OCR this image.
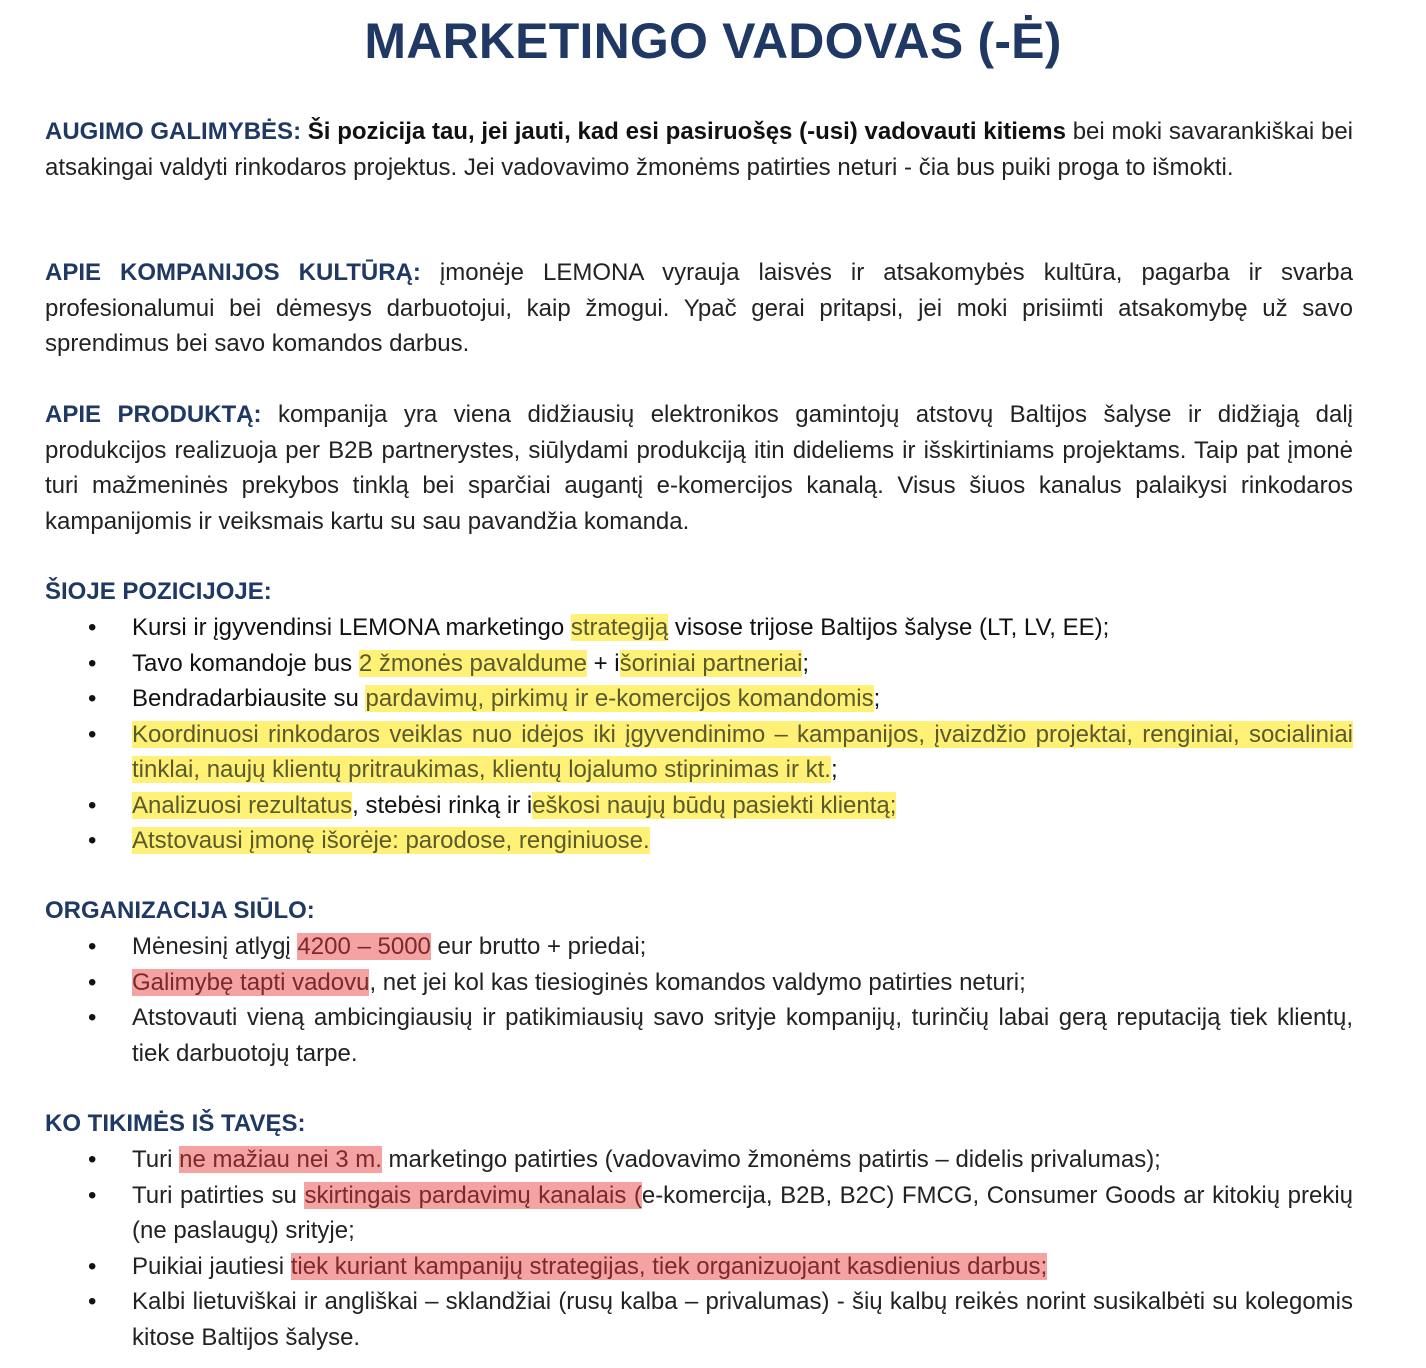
MARKETINGO VADOVAS (-Ė)

AUGIMO GALIMYBĖS: Ši pozicija tau, jei jauti, kad esi pasiruošęs (-usi) vadovauti kitiems bei moki savarankiškai bei atsakingai valdyti rinkodaros projektus. Jei vadovavimo žmonėms patirties neturi - čia bus puiki proga to išmokti.

APIE KOMPANIJOS KULTŪRĄ: įmonėje LEMONA vyrauja laisvės ir atsakomybės kultūra, pagarba ir svarba profesionalumui bei dėmesys darbuotojui, kaip žmogui. Ypač gerai pritapsi, jei moki prisiimti atsakomybę už savo sprendimus bei savo komandos darbus.

APIE PRODUKTĄ: kompanija yra viena didžiausių elektronikos gamintojų atstovų Baltijos šalyse ir didžiąją dalį produkcijos realizuoja per B2B partnerystes, siūlydami produkciją itin dideliems ir išskirtiniams projektams. Taip pat įmonė turi mažmeninės prekybos tinklą bei sparčiai augantį e-komercijos kanalą. Visus šiuos kanalus palaikysi rinkodaros kampanijomis ir veiksmais kartu su sau pavandžia komanda.

ŠIOJE POZICIJOJE:
• Kursi ir įgyvendinsi LEMONA marketingo strategiją visose trijose Baltijos šalyse (LT, LV, EE);
• Tavo komandoje bus 2 žmonės pavaldume + išoriniai partneriai;
• Bendradarbiausite su pardavimų, pirkimų ir e-komercijos komandomis;
• Koordinuosi rinkodaros veiklas nuo idėjos iki įgyvendinimo – kampanijos, įvaizdžio projektai, renginiai, socialiniai tinklai, naujų klientų pritraukimas, klientų lojalumo stiprinimas ir kt.;
• Analizuosi rezultatus, stebėsi rinką ir ieškosi naujų būdų pasiekti klientą;
• Atstovausi įmonę išorėje: parodose, renginiuose.
ORGANIZACIJA SIŪLO:
• Mėnesinį atlygį 4200 – 5000 eur brutto + priedai;
• Galimybę tapti vadovu, net jei kol kas tiesioginės komandos valdymo patirties neturi;
• Atstovauti vieną ambicingiausių ir patikimiausių savo srityje kompanijų, turinčių labai gerą reputaciją tiek klientų, tiek darbuotojų tarpe.
KO TIKIMĖS IŠ TAVĘS:
• Turi ne mažiau nei 3 m. marketingo patirties (vadovavimo žmonėms patirtis – didelis privalumas);
• Turi patirties su skirtingais pardavimų kanalais (e-komercija, B2B, B2C) FMCG, Consumer Goods ar kitokių prekių (ne paslaugų) srityje;
• Puikiai jautiesi tiek kuriant kampanijų strategijas, tiek organizuojant kasdienius darbus;
• Kalbi lietuviškai ir angliškai – sklandžiai (rusų kalba – privalumas) - šių kalbų reikės norint susikalbėti su kolegomis kitose Baltijos šalyse.
